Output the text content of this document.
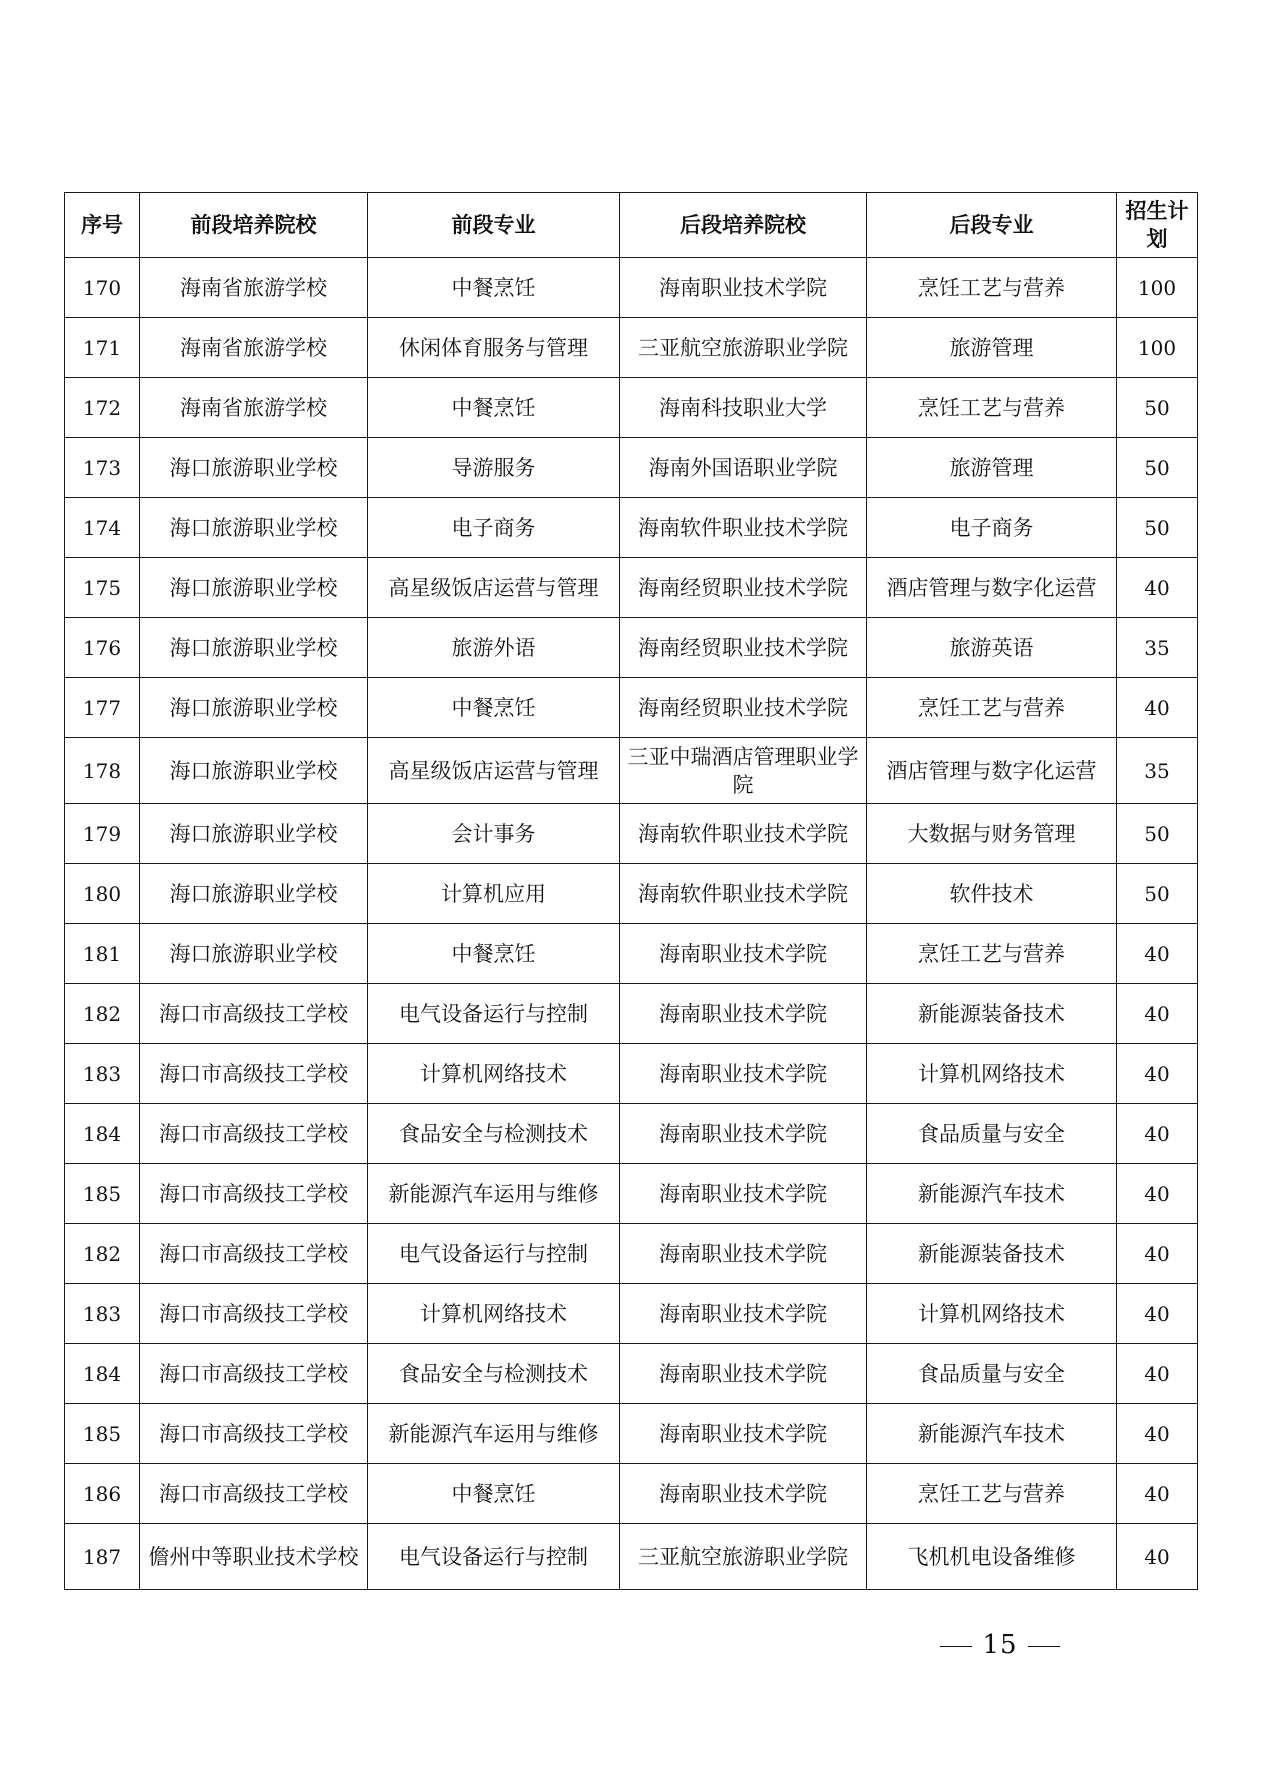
序号	前段培养院校	前段专业	后段培养院校	后段专业	招生计划
170	海南省旅游学校	中餐烹饪	海南职业技术学院	烹饪工艺与营养	100
171	海南省旅游学校	休闲体育服务与管理	三亚航空旅游职业学院	旅游管理	100
172	海南省旅游学校	中餐烹饪	海南科技职业大学	烹饪工艺与营养	50
173	海口旅游职业学校	导游服务	海南外国语职业学院	旅游管理	50
174	海口旅游职业学校	电子商务	海南软件职业技术学院	电子商务	50
175	海口旅游职业学校	高星级饭店运营与管理	海南经贸职业技术学院	酒店管理与数字化运营	40
176	海口旅游职业学校	旅游外语	海南经贸职业技术学院	旅游英语	35
177	海口旅游职业学校	中餐烹饪	海南经贸职业技术学院	烹饪工艺与营养	40
178	海口旅游职业学校	高星级饭店运营与管理	三亚中瑞酒店管理职业学院	酒店管理与数字化运营	35
179	海口旅游职业学校	会计事务	海南软件职业技术学院	大数据与财务管理	50
180	海口旅游职业学校	计算机应用	海南软件职业技术学院	软件技术	50
181	海口旅游职业学校	中餐烹饪	海南职业技术学院	烹饪工艺与营养	40
182	海口市高级技工学校	电气设备运行与控制	海南职业技术学院	新能源装备技术	40
183	海口市高级技工学校	计算机网络技术	海南职业技术学院	计算机网络技术	40
184	海口市高级技工学校	食品安全与检测技术	海南职业技术学院	食品质量与安全	40
185	海口市高级技工学校	新能源汽车运用与维修	海南职业技术学院	新能源汽车技术	40
182	海口市高级技工学校	电气设备运行与控制	海南职业技术学院	新能源装备技术	40
183	海口市高级技工学校	计算机网络技术	海南职业技术学院	计算机网络技术	40
184	海口市高级技工学校	食品安全与检测技术	海南职业技术学院	食品质量与安全	40
185	海口市高级技工学校	新能源汽车运用与维修	海南职业技术学院	新能源汽车技术	40
186	海口市高级技工学校	中餐烹饪	海南职业技术学院	烹饪工艺与营养	40
187	儋州中等职业技术学校	电气设备运行与控制	三亚航空旅游职业学院	飞机机电设备维修	40
15
